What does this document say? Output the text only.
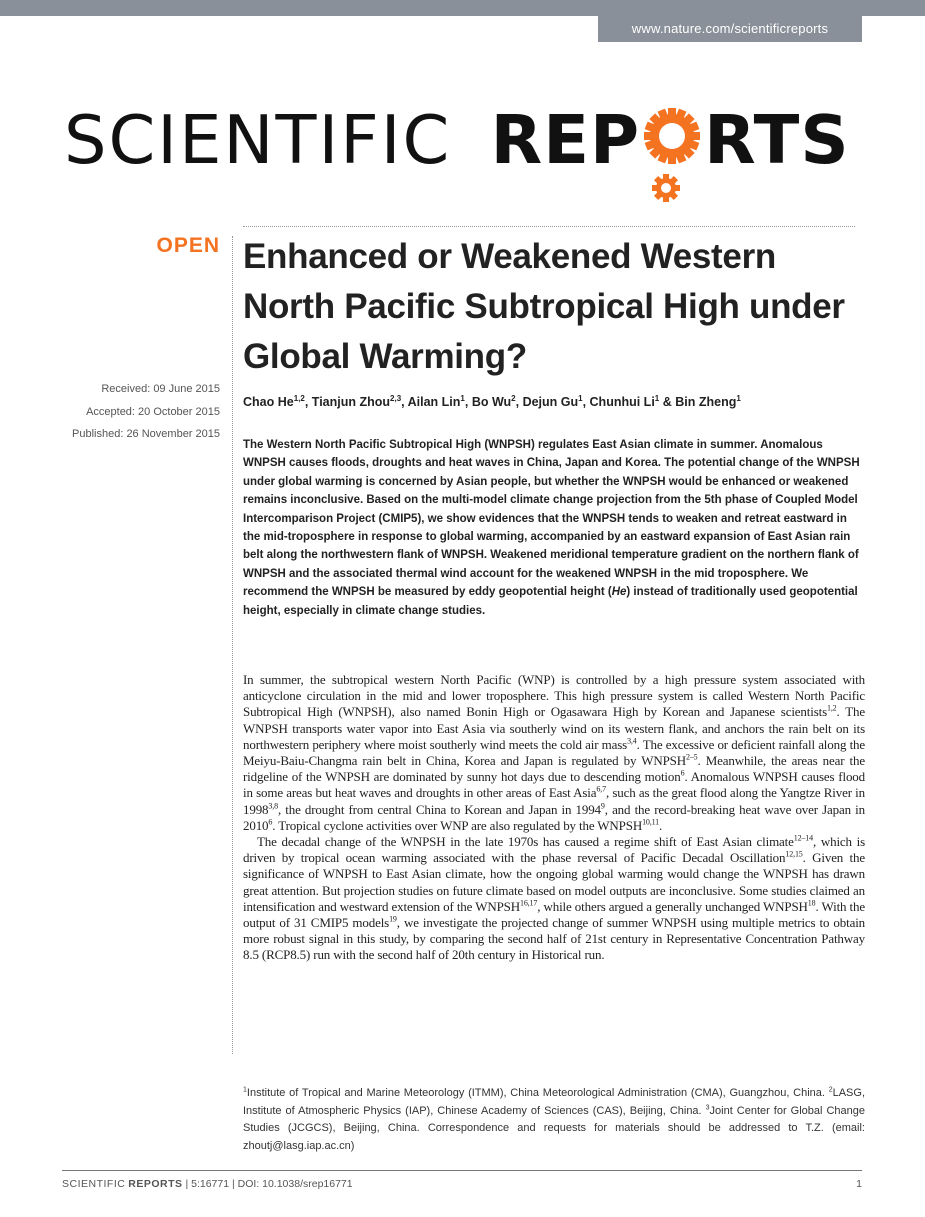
www.nature.com/scientificreports
SCIENTIFIC REP RTS
OPEN
Received: 09 June 2015
Accepted: 20 October 2015
Published: 26 November 2015
Enhanced or Weakened Western North Pacific Subtropical High under Global Warming?
Chao He$^{1,2}$, Tianjun Zhou$^{2,3}$, Ailan Lin$^1$, Bo Wu$^2$, Dejun Gu$^1$, Chunhui Li$^1$ & Bin Zheng$^1$
The Western North Pacific Subtropical High (WNPSH) regulates East Asian climate in summer. Anomalous WNPSH causes floods, droughts and heat waves in China, Japan and Korea. The potential change of the WNPSH under global warming is concerned by Asian people, but whether the WNPSH would be enhanced or weakened remains inconclusive. Based on the multi-model climate change projection from the 5th phase of Coupled Model Intercomparison Project (CMIP5), we show evidences that the WNPSH tends to weaken and retreat eastward in the mid-troposphere in response to global warming, accompanied by an eastward expansion of East Asian rain belt along the northwestern flank of WNPSH. Weakened meridional temperature gradient on the northern flank of WNPSH and the associated thermal wind account for the weakened WNPSH in the mid troposphere. We recommend the WNPSH be measured by eddy geopotential height (He) instead of traditionally used geopotential height, especially in climate change studies.

In summer, the subtropical western North Pacific (WNP) is controlled by a high pressure system associated with anticyclone circulation in the mid and lower troposphere. This high pressure system is called Western North Pacific Subtropical High (WNPSH), also named Bonin High or Ogasawara High by Korean and Japanese scientists$^{1,2}$. The WNPSH transports water vapor into East Asia via southerly wind on its western flank, and anchors the rain belt on its northwestern periphery where moist southerly wind meets the cold air mass$^{3,4}$. The excessive or deficient rainfall along the Meiyu-Baiu-Changma rain belt in China, Korea and Japan is regulated by WNPSH$^{2-5}$. Meanwhile, the areas near the ridgeline of the WNPSH are dominated by sunny hot days due to descending motion$^6$. Anomalous WNPSH causes flood in some areas but heat waves and droughts in other areas of East Asia$^{6,7}$, such as the great flood along the Yangtze River in 1998$^{3,8}$, the drought from central China to Korean and Japan in 1994$^9$, and the record-breaking heat wave over Japan in 2010$^6$. Tropical cyclone activities over WNP are also regulated by the WNPSH$^{10,11}$.

The decadal change of the WNPSH in the late 1970s has caused a regime shift of East Asian climate$^{12-14}$, which is driven by tropical ocean warming associated with the phase reversal of Pacific Decadal Oscillation$^{12,15}$. Given the significance of WNPSH to East Asian climate, how the ongoing global warming would change the WNPSH has drawn great attention. But projection studies on future climate based on model outputs are inconclusive. Some studies claimed an intensification and westward extension of the WNPSH$^{16,17}$, while others argued a generally unchanged WNPSH$^{18}$. With the output of 31 CMIP5 models$^{19}$, we investigate the projected change of summer WNPSH using multiple metrics to obtain more robust signal in this study, by comparing the second half of 21st century in Representative Concentration Pathway 8.5 (RCP8.5) run with the second half of 20th century in Historical run.

$^1$Institute of Tropical and Marine Meteorology (ITMM), China Meteorological Administration (CMA), Guangzhou, China. $^2$LASG, Institute of Atmospheric Physics (IAP), Chinese Academy of Sciences (CAS), Beijing, China. $^3$Joint Center for Global Change Studies (JCGCS), Beijing, China. Correspondence and requests for materials should be addressed to T.Z. (email: zhoutj@lasg.iap.ac.cn)
SCIENTIFIC REPORTS | 5:16771 | DOI: 10.1038/srep16771	1
